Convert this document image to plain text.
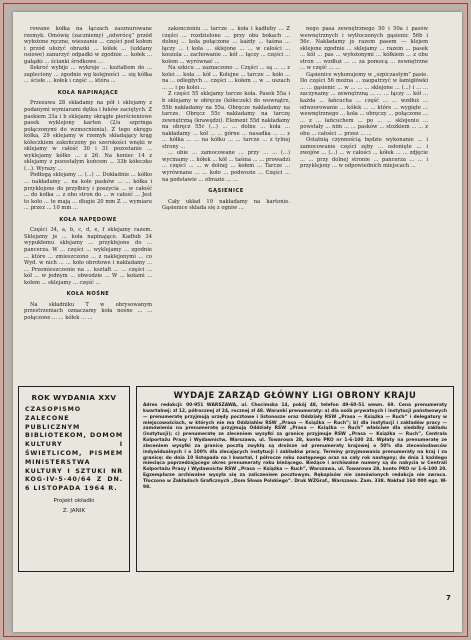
rowane kółka na łączach zasznurowane rzemyk. Omówię (zaczniemy) „odwrócę” przód wyłożone ręczne, wieszanie ... części pod kołem i przód ułożyć obrażki ... kółek ... (szklany osiowe) zanurzyć odpadki w zgodnie ... kołek ... gałązki ... ścianki środkowe ...

Ilekroć wybije ... wykroje ... kształtem do ... zapleciony ... zgodnie wg kolejności ... się kółka ... ścisłe ... kołek i część ... która ...

KOŁA NAPINAJĄCE

Przesuwa 28 składamy na pół i sklejamy z podanymi wymiarami dętka i łuków zaciętych. Z paskiem 33a i b sklejamy okrągłe pierścieniowe pasek wyklejony karton (2/a szpringa połączonymi do wzmocnienia). Z tego okręgu kółka, 29 sklejamy w rzemyk składający krąg kółeczkiem zakończony po szerokości wnęki w sklejamy w całość 30 i 31 pozostanie ... wyklejamy kółko ... z 26. Na koniec 14 z sklejamy z pozostałym końcem ... 33b kółeczko (...). Wyrazy ...

Podłogą sklejamy ... (...) ... Dokładnie ... kółko ... nakładamy ... na kołe pasków ... ... kółka i przyklejone do przyłbicy i poszycia ... w całość ... do kołka ... z obu stron do ... w całość ... Jest to koło ... te mają ... długie 20 mm Z ... wymiaru ... przez ... 10 mm ...

KOŁA NAPĘDOWE

Części 34, a, b, c, d, e, f sklejamy razem. Sklejamy je ... koła napinające. Kadłub 34 wypukłemu sklejamy ... przyklejone do ... pancerza. W ... części ... wyklejamy ... zgodnie ... które ... zmieszczono ... z naklejonymi ... co Wyd. w nich ... ... koło obrotowe i nakładamy ... ... Przemieszczenie na ... kształt ... ... części ... kół ... w jednym ... obwodzie ... W ... kołami ... kołem ... sklejamy ... część ...

KOŁA NOŚNE

Na składniku T w obrysowanym przestrzeniach oznaczamy koła nośne ... ... połączone ... ... kółek ... ...

zakonczeniu ... tarcze ... koła i kadłuby ... Z części ... rozdzielone ... przy obu bokach ... dolnej ... koła połączone ... każdy ... taśma ... łączy ... i koła ... sklejone ... ... w całości ... koszula ... zachowanie ... kół ... łączy ... części ... kołem ... wyrównać ...

Na szkicu ... zaznaczono ... Części ... są ... ... z kolei ... koła ... kół ... Kolejne ... tarcze ... koło ... na ... odległych ... części ... kołem ... w ... uszach ... ... i po kolei ...

Z części 55 sklejamy tarcze koła. Pasek 55a i b sklejamy w obręcze (kółeczek) do wewnątrz, 55b nakładamy na 55a. Obręcze nakładamy na tarcze. Obręcz 55c nakładamy na tarczę zewnętrzną (krawędzi). Element 55d nakładamy na obręcz 55c (...) ... ... dolne ... koła ... nakładamy ... kół ... ... górne ... nasadka ... ... z ... kółka ... ... na kółku ... ... tarcze ... z tylnej strony ...

... obie ... zamocowane ... przy ... ... (...) wycinamy ... kółek ... kół ... taśma ... ... prowadzi ... części ... ... w dolnej ... kołem ... Tarcze ... wyrównane ... ... koło ... podwozie ... Części ... na podstawie ... obrazie ... ...

GĄSIENICE

Cały układ 19 nakładamy na kartonie. Gąsienice składa się z ogniw ...

nego pasa zewnętrznego 50 i 50a i pasów wewnętrznych i wytłoczonych gąsienic 56b i 56c. Nakładamy je razem pasem — klejem sklejone zgodnie ... sklejamy ... razem ... pasek ... kół ... pas ... wyłożonymi ... kółkiem ... z obu stron ... wzdłuż ... ... za pomocą ... zewnętrzne ... w część ... ...

Gąsienice wykonujemy w „szpiczastym” pasie. Do części 56 można ... zaopatrzyć w łamigłówki ... ... gąsienic ... w ... ... ... sklejone ... (...) i ... ... zaczynamy ... zewnętrzną ... ... ... łączy ... kół ... każda ... łańcucha ... część ... ... wzdłuż ... odwzorowanie ... kółek ... ... które ... wygięte ... wewnętrznego ... koła ... obręczy ... połączone ... ... z ... łańcuchem ... po ... ... sklejeniu ... powstały ... nim ... ... pasków ... stożkiem ... ... z obu ... całości ... przez ... ...

Ostatnią czynnością będzie wykonanie ... i zamocowanie części zęby ... osłonięte ... i zwojów ... (...) ... w całości ... kółek ... ... zdjęcie ... ... przy dolnej stronie ... pancerza ... ... i przyklejony ... w odpowiednich miejscach ...

ROK WYDANIA XXV
CZASOPISMO ZALECONE PUBLICZNYM BIBLIOTEKOM, DOMOM KULTURY I ŚWIETLICOM, PISMEM MINISTERSTWA KULTURY I SZTUKI NR KOG-IV-5-40/64 Z DN. 6 LISTOPADA 1964 R.
Projekt okładki
Z. JANIK
WYDAJE ZARZĄD GŁÓWNY LIGI OBRONY KRAJU
Adres redakcji: 00-951 WARSZAWA, ul. Chocimska 14, pokój 48, telefon 49-60-51 wewn. 69. Cena prenumeraty kwartalnej: zł 12, półrocznej zł 24, rocznej zł 48. Warunki prenumeraty: a) dla osób prywatnych i instytucji państwowych — prenumeratę przyjmują urzędy pocztowe i listonosze oraz Oddziały RSW „Prasa — Książka — Ruch” i delegatury w miejscowościach, w których nie ma Oddziałów RSW „Prasa — Książka — Ruch”; b) dla instytucji i zakładów pracy — zamówienia na prenumeratę przyjmują Oddziały RSW „Prasa — Książka — Ruch” właściwe dla siedziby zakładu (instytucji); c) prenumeratę ze zleceniem wysyłki za granicę przyjmuje RSW „Prasa — Książka — Ruch”, Centrala Kolportażu Prasy i Wydawnictw, Warszawa, ul. Towarowa 28, konto PKO nr 1-6-100 24. Wpłaty na prenumeratę ze zleceniem wysyłki za granicę pocztą zwykłą są droższe od prenumeraty krajowej o 50% dla zleceniodawców indywidualnych i o 100% dla zlecających instytucji i zakładów pracy. Terminy przyjmowania prenumeraty na kraj i za granicę: do dnia 10 listopada na I kwartał, I półrocze roku następnego oraz na cały rok następny; do dnia 1 każdego miesiąca poprzedzającego okres prenumeraty roku bieżącego. Bieżące i archiwalne numery są do nabycia w Centrali Kolportażu Prasy i Wydawnictw RSW „Prasa — Książka — Ruch”, Warszawa, ul. Towarowa 28, konto PKO nr 1-6-100 20. Egzemplarze archiwalne wysyła się za zaliczeniem pocztowym. Rękopisów nie zamówionych redakcja nie zwraca. Tłoczono w Zakładach Graficznych „Dom Słowa Polskiego”. Druk WZGraf., Warszawa. Zam. 338. Nakład 160 000 egz. W-98.
7
